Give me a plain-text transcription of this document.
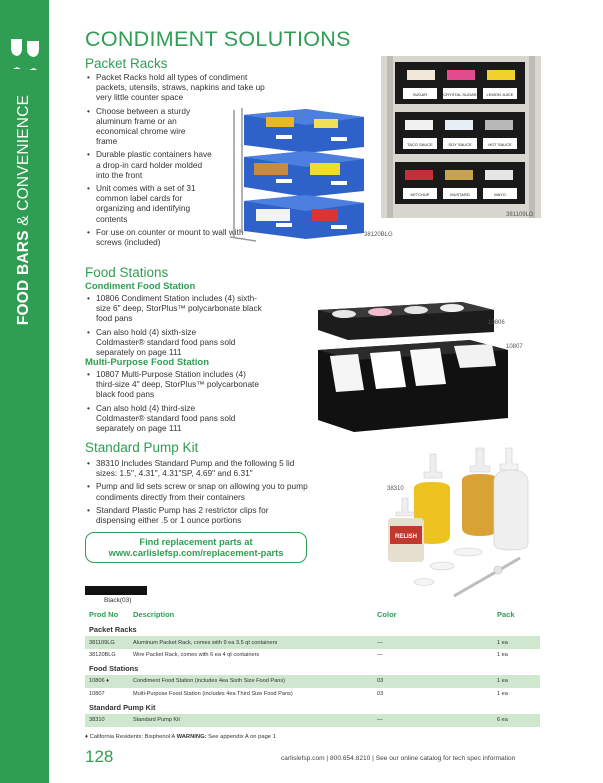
FOOD BARS & CONVENIENCE
CONDIMENT SOLUTIONS
Packet Racks
• Packet Racks hold all types of condiment packets, utensils, straws, napkins and take up very little counter space
• Choose between a sturdy aluminum frame or an economical chrome wire frame
• Durable plastic containers have a drop-in card holder molded into the front
• Unit comes with a set of 31 common label cards for organizing and identifying contents
• For use on counter or mount to wall with screws (included)
38120BLG
SUGAR	CRYSTAL SUGAR LEMON JUICE
TACO SAUCE	SOY SAUCE	HOT SAUCE
KETCHUP	MUSTARD	MAYO
381109LG
Food Stations
Condiment Food Station
• 10806 Condiment Station includes (4) sixth-size 6" deep, StorPlus™ polycarbonate black food pans
• Can also hold (4) sixth-size Coldmaster® standard food pans sold separately on page 111
Multi-Purpose Food Station
• 10807 Multi-Purpose Station includes (4) third-size 4" deep, StorPlus™ polycarbonate black food pans
• Can also hold (4) third-size Coldmaster® standard food pans sold separately on page 111
10806
10807
Standard Pump Kit
• 38310 Includes Standard Pump and the following 5 lid sizes: 1.5", 4.31", 4.31"SP, 4.69" and 6.31"
• Pump and lid sets screw or snap on allowing you to pump condiments directly from their containers
• Standard Plastic Pump has 2 restrictor clips for dispensing either .5 or 1 ounce portions
RELISH
38310
Find replacement parts at
www.carlislefsp.com/replacement-parts
Black(03)
Prod No	Description	Color	Pack
Packet Racks
381109LG	Aluminum Packet Rack, comes with 9 ea 3.5 qt containers	—	1 ea
38120BLG	Wire Packet Rack, comes with 6 ea 4 qt containers	—	1 ea
Food Stations
10806 ♦	Condiment Food Station (includes 4ea Sixth Size Food Pans)	03	1 ea
10807	Multi-Purpose Food Station (includes 4ea Third Size Food Pans)	03	1 ea
Standard Pump Kit
38310	Standard Pump Kit	—	6 ea
♦ California Residents: Bisphenol A WARNING: See appendix A on page 1
128	carlislefsp.com | 800.654.8210 | See our online catalog for tech spec information
